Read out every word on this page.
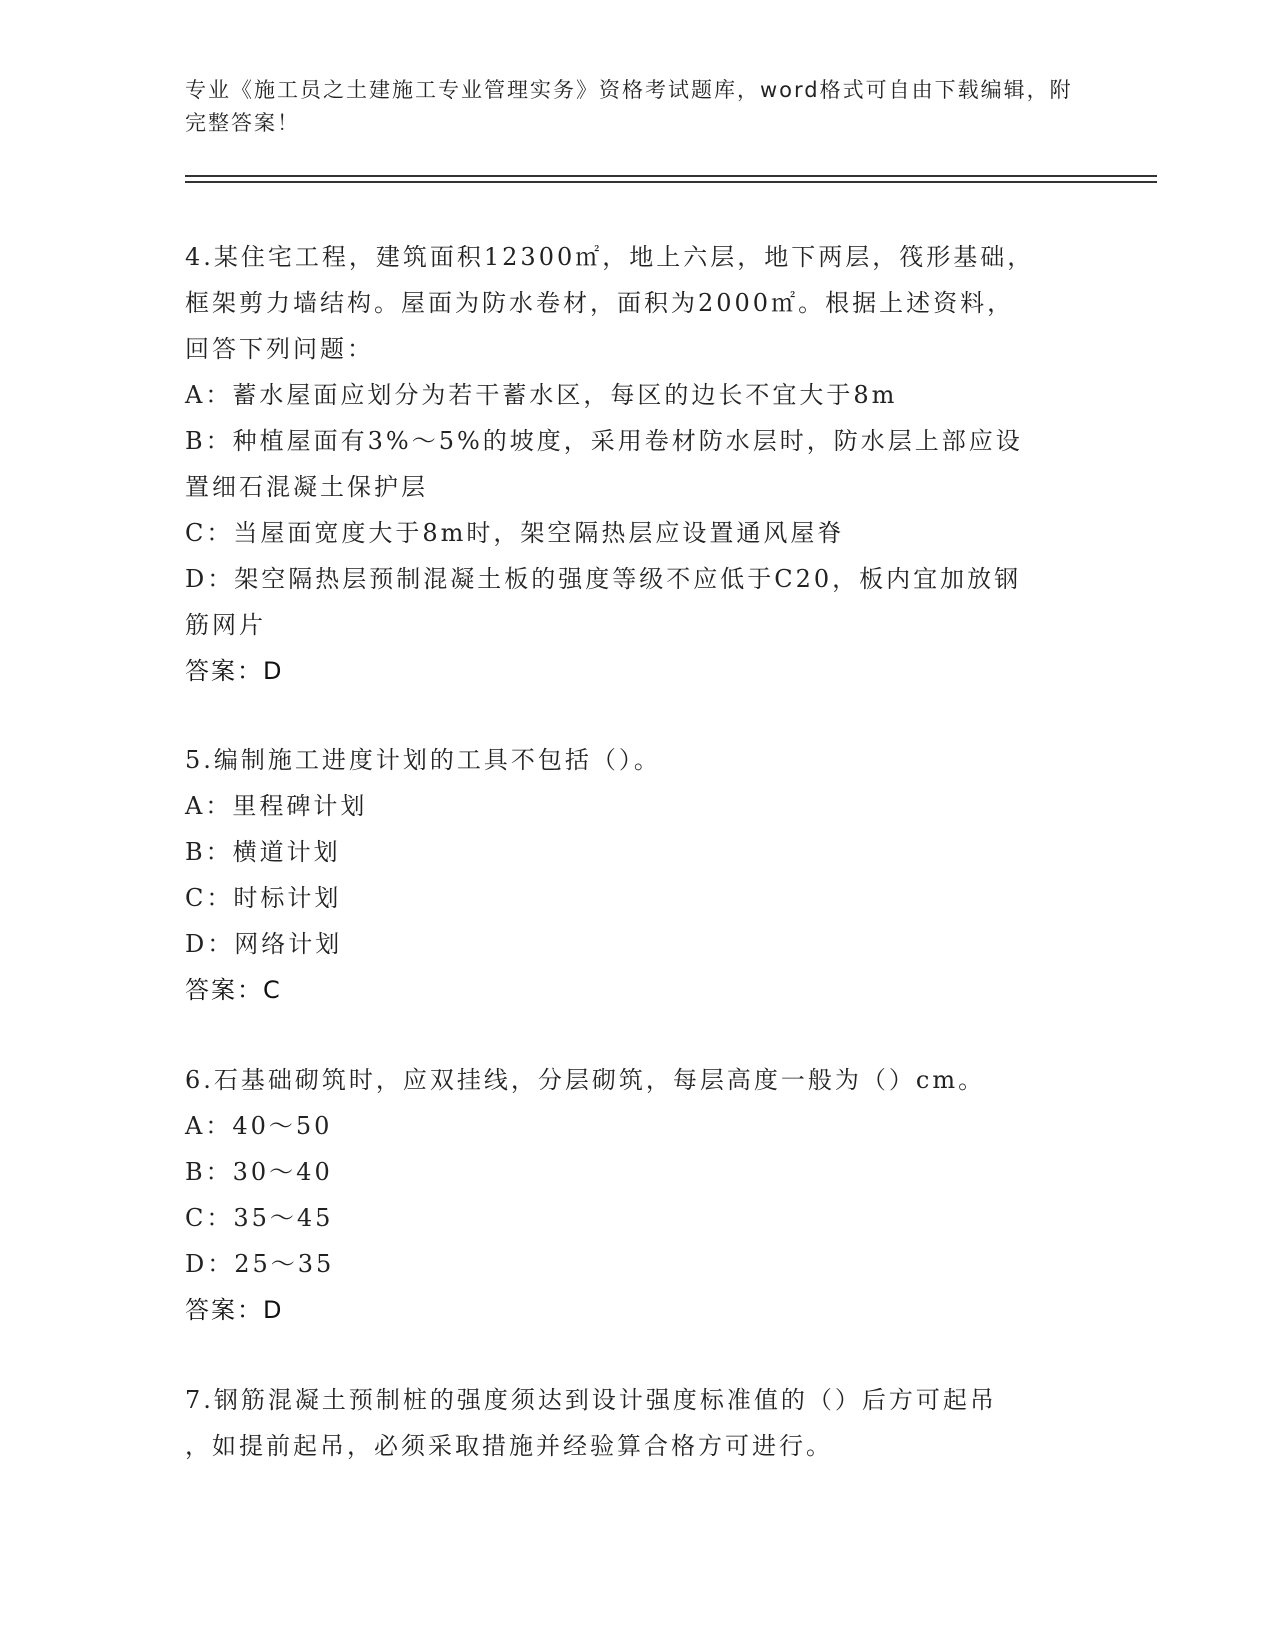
专业《施工员之土建施工专业管理实务》资格考试题库，word格式可自由下载编辑，附完整答案！
4.某住宅工程，建筑面积12300㎡，地上六层，地下两层，筏形基础，
框架剪力墙结构。屋面为防水卷材，面积为2000㎡。根据上述资料，
回答下列问题：
A：蓄水屋面应划分为若干蓄水区，每区的边长不宜大于8m
B：种植屋面有3%～5%的坡度，采用卷材防水层时，防水层上部应设
置细石混凝土保护层
C：当屋面宽度大于8m时，架空隔热层应设置通风屋脊
D：架空隔热层预制混凝土板的强度等级不应低于C20，板内宜加放钢
筋网片
答案：D
5.编制施工进度计划的工具不包括（）。
A：里程碑计划
B：横道计划
C：时标计划
D：网络计划
答案：C
6.石基础砌筑时，应双挂线，分层砌筑，每层高度一般为（）cm。
A：40～50
B：30～40
C：35～45
D：25～35
答案：D
7.钢筋混凝土预制桩的强度须达到设计强度标准值的（）后方可起吊
，如提前起吊，必须采取措施并经验算合格方可进行。
